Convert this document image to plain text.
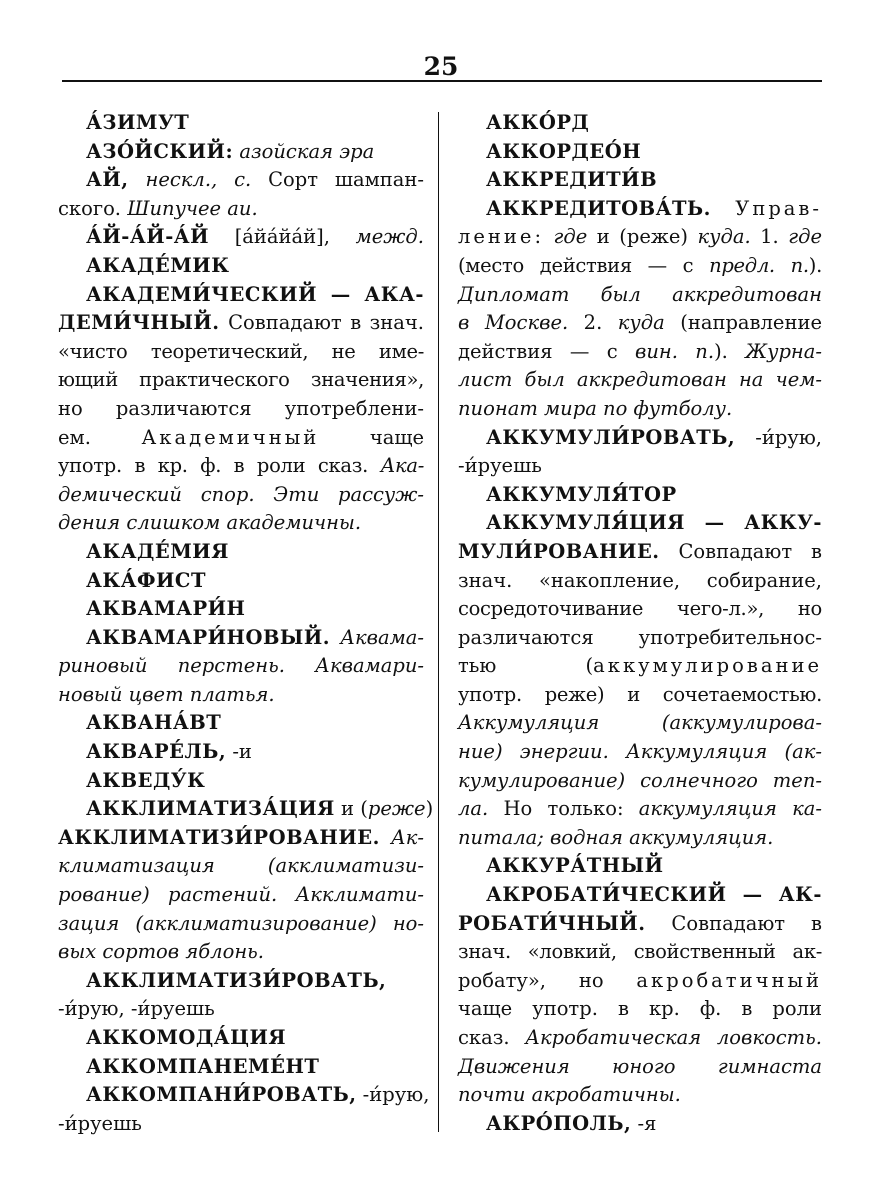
25
А́ЗИМУТ
АЗО́ЙСКИЙ: азойская эра
АЙ, нескл., с. Сорт шампан-
ского. Шипучее аи.
А́Й-А́Й-А́Й [а́йа́йа́й], межд.
АКАДЕ́МИК
АКАДЕМИ́ЧЕСКИЙ — АКА-
ДЕМИ́ЧНЫЙ. Совпадают в знач.
«чисто теоретический, не име-
ющий практического значения»,
но различаются употреблени-
ем. Академичный чаще
употр. в кр. ф. в роли сказ. Ака-
демический спор. Эти рассуж-
дения слишком академичны.
АКАДЕ́МИЯ
АКА́ФИСТ
АКВАМАРИ́Н
АКВАМАРИ́НОВЫЙ. Аквама-
риновый перстень. Аквамари-
новый цвет платья.
АКВАНА́ВТ
АКВАРЕ́ЛЬ, -и
АКВЕДУ́К
АККЛИМАТИЗА́ЦИЯ и (реже)
АККЛИМАТИЗИ́РОВАНИЕ. Ак-
климатизация (акклиматизи-
рование) растений. Акклимати-
зация (акклиматизирование) но-
вых сортов яблонь.
АККЛИМАТИЗИ́РОВАТЬ,
-и́рую, -и́руешь
АККОМОДА́ЦИЯ
АККОМПАНЕМЕ́НТ
АККОМПАНИ́РОВАТЬ, -и́рую,
-и́руешь
АККО́РД
АККОРДЕО́Н
АККРЕДИТИ́В
АККРЕДИТОВА́ТЬ. Управ-
ление: где и (реже) куда. 1. где
(место действия — с предл. п.).
Дипломат был аккредитован
в Москве. 2. куда (направление
действия — с вин. п.). Журна-
лист был аккредитован на чем-
пионат мира по футболу.
АККУМУЛИ́РОВАТЬ, -и́рую,
-и́руешь
АККУМУЛЯ́ТОР
АККУМУЛЯ́ЦИЯ — АККУ-
МУЛИ́РОВАНИЕ. Совпадают в
знач. «накопление, собирание,
сосредоточивание чего-л.», но
различаются употребительнос-
тью (аккумулирование
употр. реже) и сочетаемостью.
Аккумуляция (аккумулирова-
ние) энергии. Аккумуляция (ак-
кумулирование) солнечного теп-
ла. Но только: аккумуляция ка-
питала; водная аккумуляция.
АККУРА́ТНЫЙ
АКРОБАТИ́ЧЕСКИЙ — АК-
РОБАТИ́ЧНЫЙ. Совпадают в
знач. «ловкий, свойственный ак-
робату», но акробатичный
чаще употр. в кр. ф. в роли
сказ. Акробатическая ловкость.
Движения юного гимнаста
почти акробатичны.
АКРО́ПОЛЬ, -я
